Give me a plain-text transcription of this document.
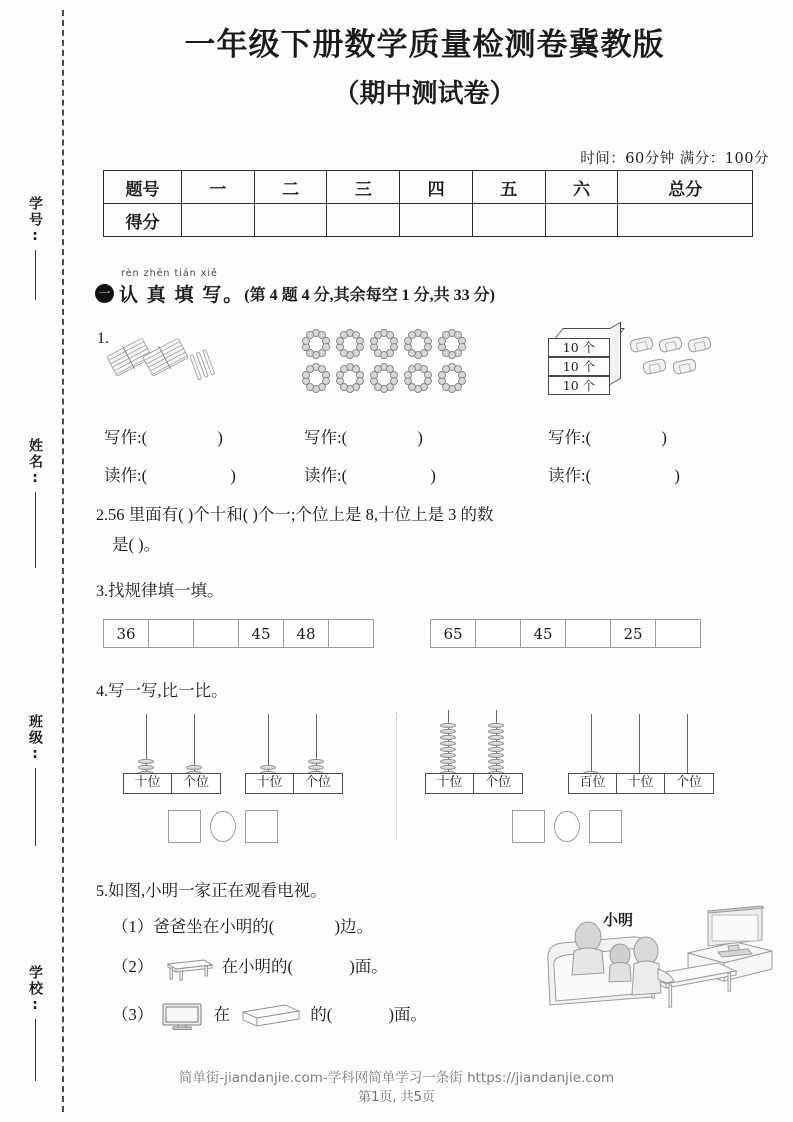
学号:
姓名:
班级:
学校:
一年级下册数学质量检测卷冀教版
（期中测试卷）
时间：60分钟 满分：100分
题号	一	二	三	四	五	六	总分
得分							
rèn zhēn tián xiě
一 认 真 填 写。 (第 4 题 4 分,其余每空 1 分,共 33 分)
1.
10 个
10 个
10 个
写作:(	)	写作:(	)	写作:(	)
读作:(	)	读作:(	)	读作:(	)
2.56 里面有( )个十和( )个一;个位上是 8,十位上是 3 的数
是( )。
3.找规律填一填。
36			45	48		65		45		25	
4.写一写,比一比。
十位	个位	十位	个位	十位	个位	百位	十位	个位
5.如图,小明一家正在观看电视。
（1）爸爸坐在小明的(	)边。
（2）	在小明的(	)面。
（3）	在	的(	)面。
小明
简单街-jiandanjie.com-学科网简单学习一条街 https://jiandanjie.com
第1页, 共5页
